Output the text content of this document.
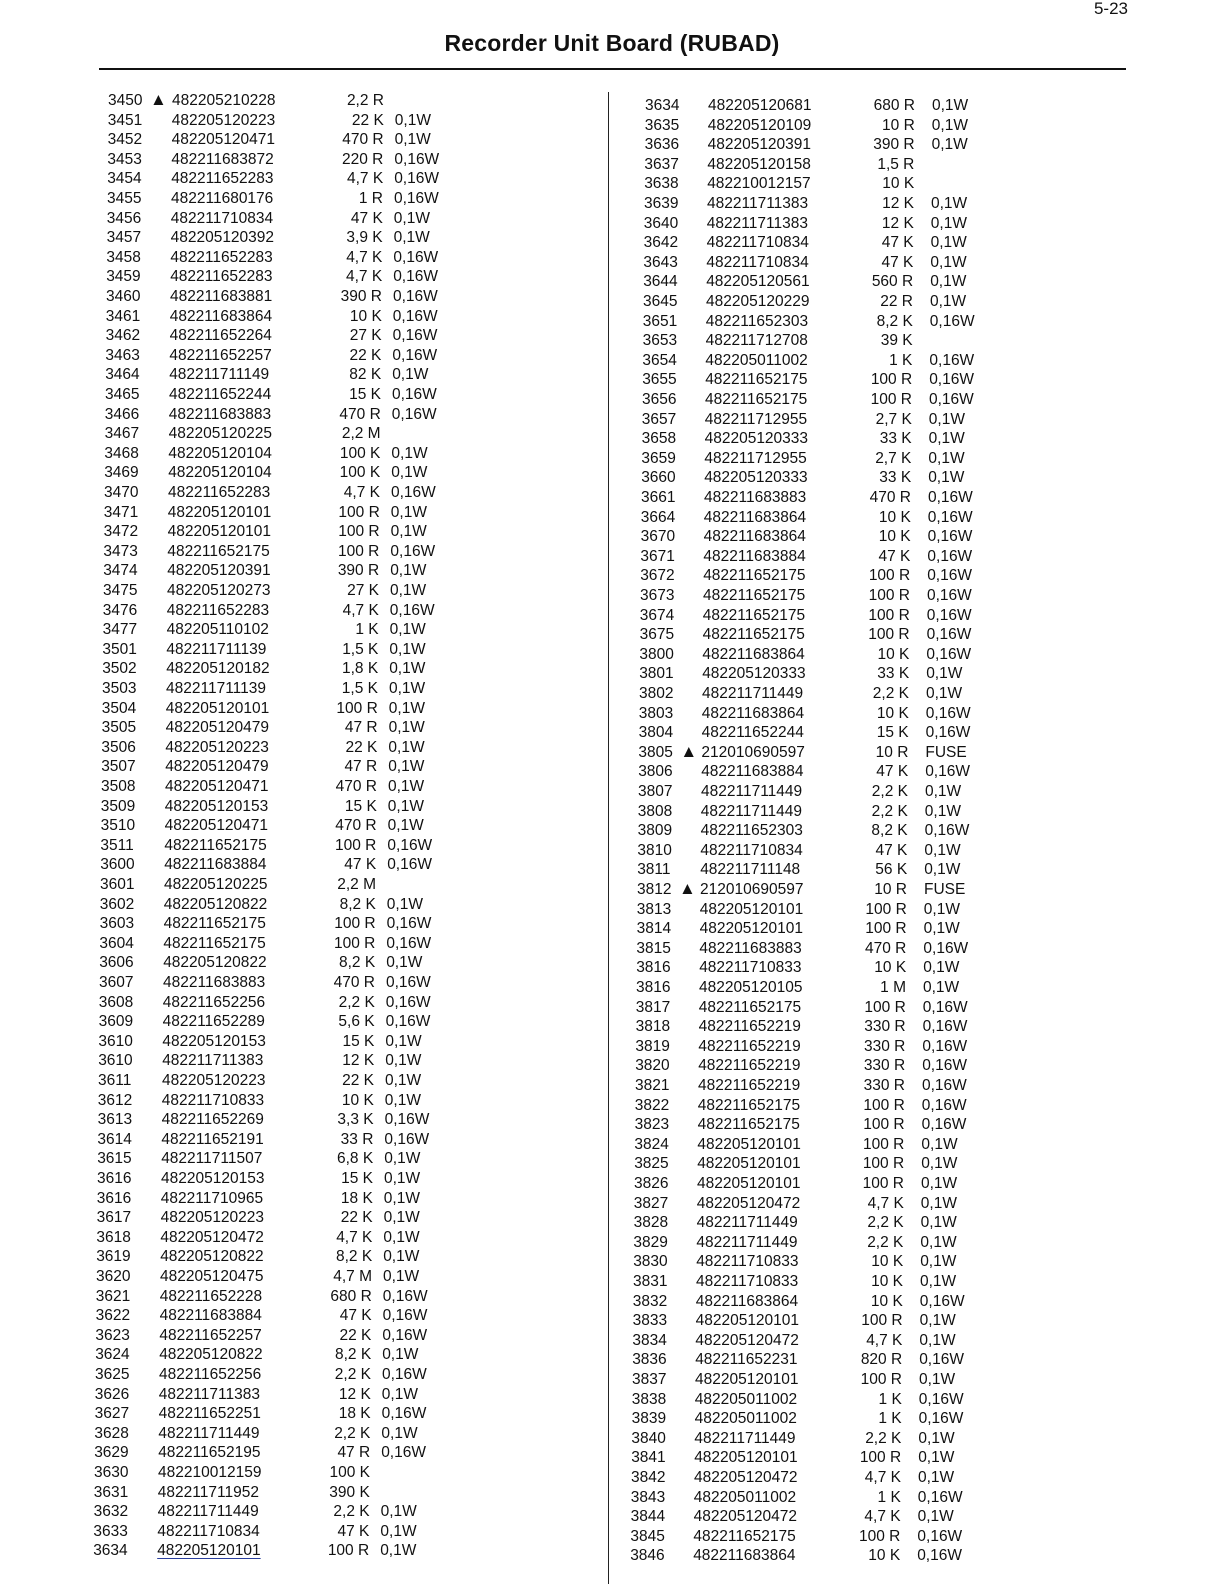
5-23
Recorder Unit Board (RUBAD)
3450 ▲ 482205210228	2,2 R
3451 482205120223	22 K 0,1W
3452 482205120471	470 R 0,1W
3453 482211683872	220 R 0,16W
3454 482211652283	4,7 K 0,16W
3455 482211680176	1 R 0,16W
3456 482211710834	47 K 0,1W
3457 482205120392	3,9 K 0,1W
3458 482211652283	4,7 K 0,16W
3459 482211652283	4,7 K 0,16W
3460 482211683881	390 R 0,16W
3461 482211683864	10 K 0,16W
3462 482211652264	27 K 0,16W
3463 482211652257	22 K 0,16W
3464 482211711149	82 K 0,1W
3465 482211652244	15 K 0,16W
3466 482211683883	470 R 0,16W
3467 482205120225	2,2 M
3468 482205120104	100 K 0,1W
3469 482205120104	100 K 0,1W
3470 482211652283	4,7 K 0,16W
3471 482205120101	100 R 0,1W
3472 482205120101	100 R 0,1W
3473 482211652175	100 R 0,16W
3474 482205120391	390 R 0,1W
3475 482205120273	27 K 0,1W
3476 482211652283	4,7 K 0,16W
3477 482205110102	1 K 0,1W
3501 482211711139	1,5 K 0,1W
3502 482205120182	1,8 K 0,1W
3503 482211711139	1,5 K 0,1W
3504 482205120101	100 R 0,1W
3505 482205120479	47 R 0,1W
3506 482205120223	22 K 0,1W
3507 482205120479	47 R 0,1W
3508 482205120471	470 R 0,1W
3509 482205120153	15 K 0,1W
3510 482205120471	470 R 0,1W
3511 482211652175	100 R 0,16W
3600 482211683884	47 K 0,16W
3601 482205120225	2,2 M
3602 482205120822	8,2 K 0,1W
3603 482211652175	100 R 0,16W
3604 482211652175	100 R 0,16W
3606 482205120822	8,2 K 0,1W
3607 482211683883	470 R 0,16W
3608 482211652256	2,2 K 0,16W
3609 482211652289	5,6 K 0,16W
3610 482205120153	15 K 0,1W
3610 482211711383	12 K 0,1W
3611 482205120223	22 K 0,1W
3612 482211710833	10 K 0,1W
3613 482211652269	3,3 K 0,16W
3614 482211652191	33 R 0,16W
3615 482211711507	6,8 K 0,1W
3616 482205120153	15 K 0,1W
3616 482211710965	18 K 0,1W
3617 482205120223	22 K 0,1W
3618 482205120472	4,7 K 0,1W
3619 482205120822	8,2 K 0,1W
3620 482205120475	4,7 M 0,1W
3621 482211652228	680 R 0,16W
3622 482211683884	47 K 0,16W
3623 482211652257	22 K 0,16W
3624 482205120822	8,2 K 0,1W
3625 482211652256	2,2 K 0,16W
3626 482211711383	12 K 0,1W
3627 482211652251	18 K 0,16W
3628 482211711449	2,2 K 0,1W
3629 482211652195	47 R 0,16W
3630 482210012159	100 K
3631 482211711952	390 K
3632 482211711449	2,2 K 0,1W
3633 482211710834	47 K 0,1W
3634 482205120101	100 R 0,1W
3634 482205120681	680 R 0,1W
3635 482205120109	10 R 0,1W
3636 482205120391	390 R 0,1W
3637 482205120158	1,5 R
3638 482210012157	10 K
3639 482211711383	12 K 0,1W
3640 482211711383	12 K 0,1W
3642 482211710834	47 K 0,1W
3643 482211710834	47 K 0,1W
3644 482205120561	560 R 0,1W
3645 482205120229	22 R 0,1W
3651 482211652303	8,2 K 0,16W
3653 482211712708	39 K
3654 482205011002	1 K 0,16W
3655 482211652175	100 R 0,16W
3656 482211652175	100 R 0,16W
3657 482211712955	2,7 K 0,1W
3658 482205120333	33 K 0,1W
3659 482211712955	2,7 K 0,1W
3660 482205120333	33 K 0,1W
3661 482211683883	470 R 0,16W
3664 482211683864	10 K 0,16W
3670 482211683864	10 K 0,16W
3671 482211683884	47 K 0,16W
3672 482211652175	100 R 0,16W
3673 482211652175	100 R 0,16W
3674 482211652175	100 R 0,16W
3675 482211652175	100 R 0,16W
3800 482211683864	10 K 0,16W
3801 482205120333	33 K 0,1W
3802 482211711449	2,2 K 0,1W
3803 482211683864	10 K 0,16W
3804 482211652244	15 K 0,16W
3805 ▲ 212010690597	10 R FUSE
3806 482211683884	47 K 0,16W
3807 482211711449	2,2 K 0,1W
3808 482211711449	2,2 K 0,1W
3809 482211652303	8,2 K 0,16W
3810 482211710834	47 K 0,1W
3811 482211711148	56 K 0,1W
3812 ▲ 212010690597	10 R FUSE
3813 482205120101	100 R 0,1W
3814 482205120101	100 R 0,1W
3815 482211683883	470 R 0,16W
3816 482211710833	10 K 0,1W
3816 482205120105	1 M 0,1W
3817 482211652175	100 R 0,16W
3818 482211652219	330 R 0,16W
3819 482211652219	330 R 0,16W
3820 482211652219	330 R 0,16W
3821 482211652219	330 R 0,16W
3822 482211652175	100 R 0,16W
3823 482211652175	100 R 0,16W
3824 482205120101	100 R 0,1W
3825 482205120101	100 R 0,1W
3826 482205120101	100 R 0,1W
3827 482205120472	4,7 K 0,1W
3828 482211711449	2,2 K 0,1W
3829 482211711449	2,2 K 0,1W
3830 482211710833	10 K 0,1W
3831 482211710833	10 K 0,1W
3832 482211683864	10 K 0,16W
3833 482205120101	100 R 0,1W
3834 482205120472	4,7 K 0,1W
3836 482211652231	820 R 0,16W
3837 482205120101	100 R 0,1W
3838 482205011002	1 K 0,16W
3839 482205011002	1 K 0,16W
3840 482211711449	2,2 K 0,1W
3841 482205120101	100 R 0,1W
3842 482205120472	4,7 K 0,1W
3843 482205011002	1 K 0,16W
3844 482205120472	4,7 K 0,1W
3845 482211652175	100 R 0,16W
3846 482211683864	10 K 0,16W
